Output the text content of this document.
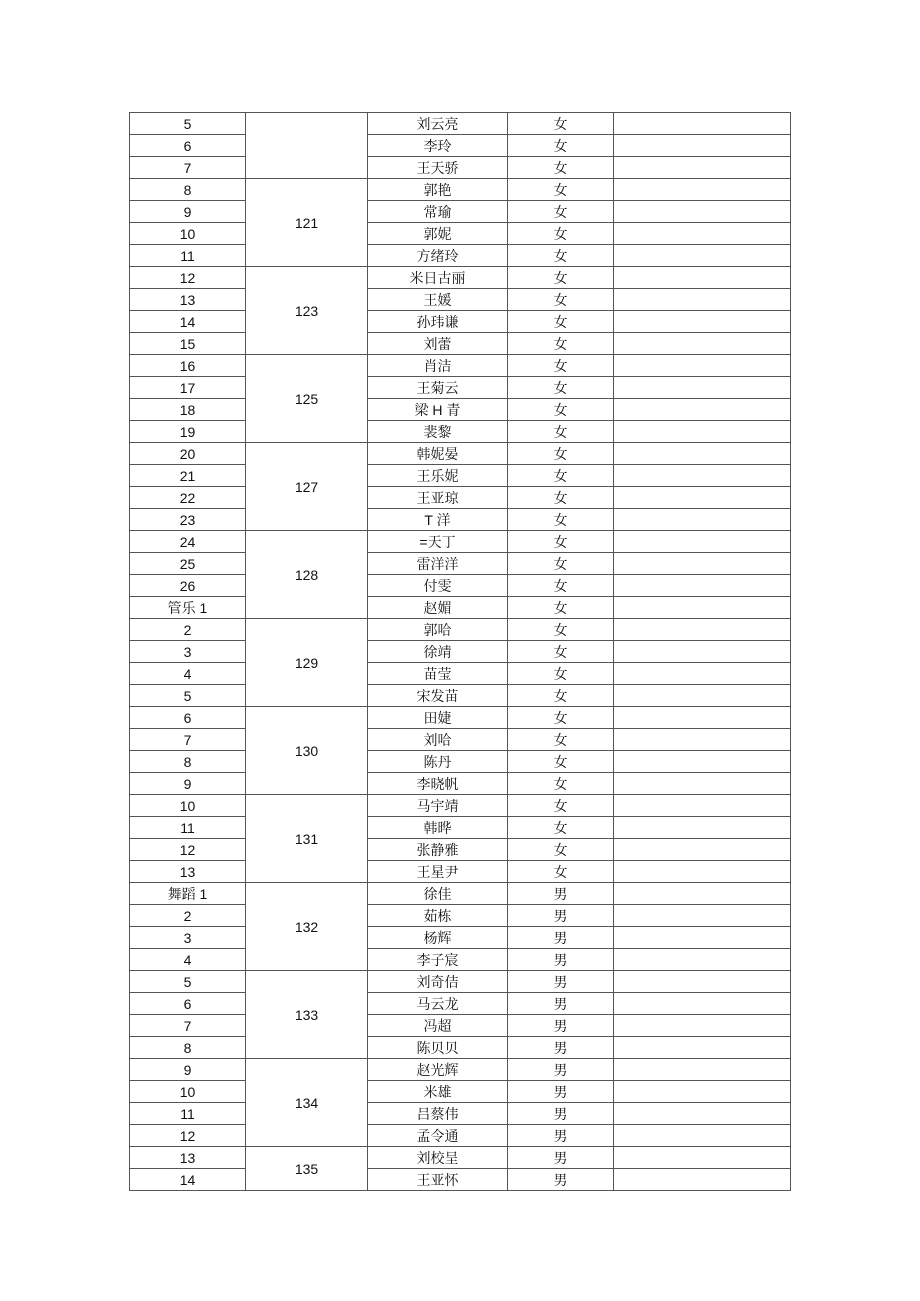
5		刘云亮	女	
6		李玲	女	
7		王天骄	女	
8	121	郭艳	女	
9		常瑜	女	
10		郭妮	女	
11		方绪玲	女	
12	123	米日古丽	女	
13		王媛	女	
14		孙玮谦	女	
15		刘蕾	女	
16	125	肖洁	女	
17		王菊云	女	
18		梁 H 青	女	
19		裴黎	女	
20	127	韩妮晏	女	
21		王乐妮	女	
22		王亚琼	女	
23		T 洋	女	
24	128	=天丁	女	
25		雷洋洋	女	
26		付雯	女	
管乐 1		赵媚	女	
2	129	郭哈	女	
3		徐靖	女	
4		苗莹	女	
5		宋发苗	女	
6	130	田婕	女	
7		刘哈	女	
8		陈丹	女	
9		李晓帆	女	
10	131	马宇靖	女	
11		韩晔	女	
12		张静雅	女	
13		王星尹	女	
舞蹈 1	132	徐佳	男	
2		茹栋	男	
3		杨辉	男	
4		李子宸	男	
5	133	刘奇佶	男	
6		马云龙	男	
7		冯超	男	
8		陈贝贝	男	
9	134	赵光辉	男	
10		米雄	男	
11		吕蔡伟	男	
12		孟令通	男	
13	135	刘校呈	男	
14		王亚怀	男	
